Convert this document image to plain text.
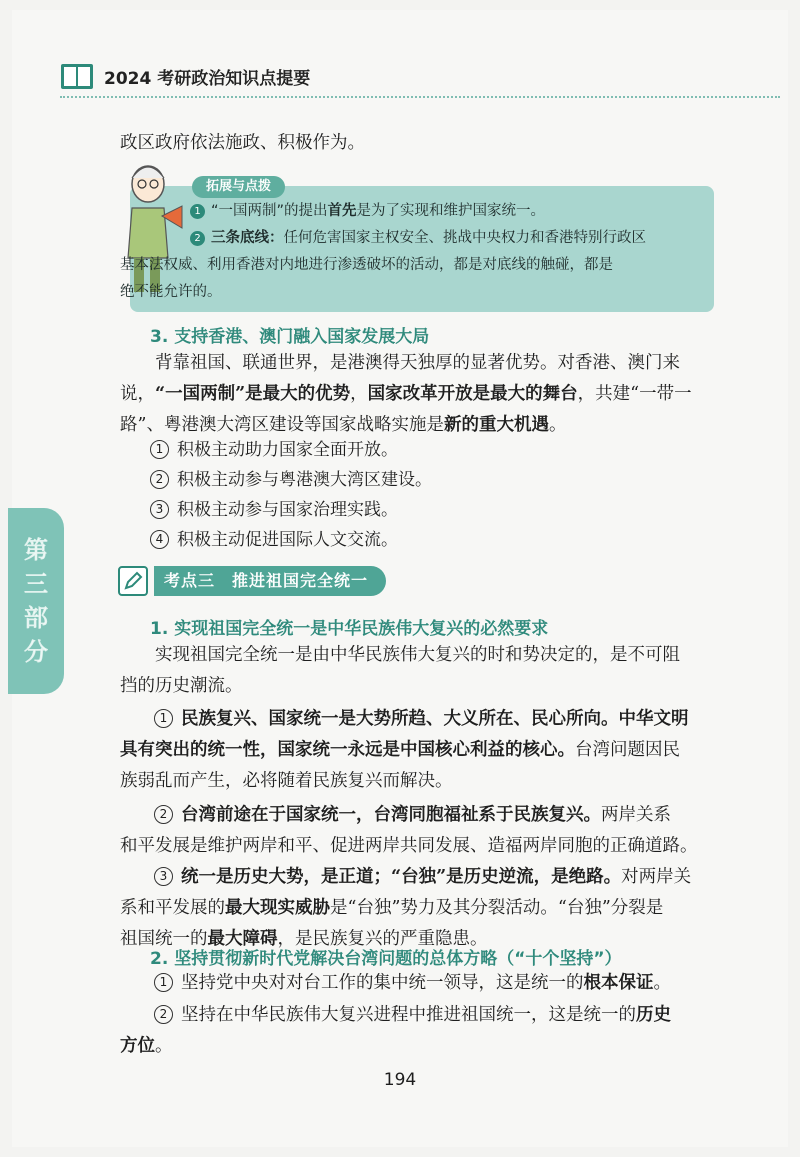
2024 考研政治知识点提要
政区政府依法施政、积极作为。
拓展与点拨
1 “一国两制”的提出首先是为了实现和维护国家统一。
2 三条底线：任何危害国家主权安全、挑战中央权力和香港特别行政区
基本法权威、利用香港对内地进行渗透破坏的活动，都是对底线的触碰，都是
绝不能允许的。
3. 支持香港、澳门融入国家发展大局
背靠祖国、联通世界，是港澳得天独厚的显著优势。对香港、澳门来
说，“一国两制”是最大的优势，国家改革开放是最大的舞台，共建“一带一
路”、粤港澳大湾区建设等国家战略实施是新的重大机遇。
1 积极主动助力国家全面开放。
2 积极主动参与粤港澳大湾区建设。
3 积极主动参与国家治理实践。
4 积极主动促进国际人文交流。
第
三
部
分
考点三　推进祖国完全统一
1. 实现祖国完全统一是中华民族伟大复兴的必然要求
实现祖国完全统一是由中华民族伟大复兴的时和势决定的，是不可阻
挡的历史潮流。
1 民族复兴、国家统一是大势所趋、大义所在、民心所向。中华文明
具有突出的统一性，国家统一永远是中国核心利益的核心。台湾问题因民
族弱乱而产生，必将随着民族复兴而解决。
2 台湾前途在于国家统一，台湾同胞福祉系于民族复兴。两岸关系
和平发展是维护两岸和平、促进两岸共同发展、造福两岸同胞的正确道路。
3 统一是历史大势，是正道；“台独”是历史逆流，是绝路。对两岸关
系和平发展的最大现实威胁是“台独”势力及其分裂活动。“台独”分裂是
祖国统一的最大障碍，是民族复兴的严重隐患。
2. 坚持贯彻新时代党解决台湾问题的总体方略（“十个坚持”）
1 坚持党中央对对台工作的集中统一领导，这是统一的根本保证。
2 坚持在中华民族伟大复兴进程中推进祖国统一，这是统一的历史
方位。
194
